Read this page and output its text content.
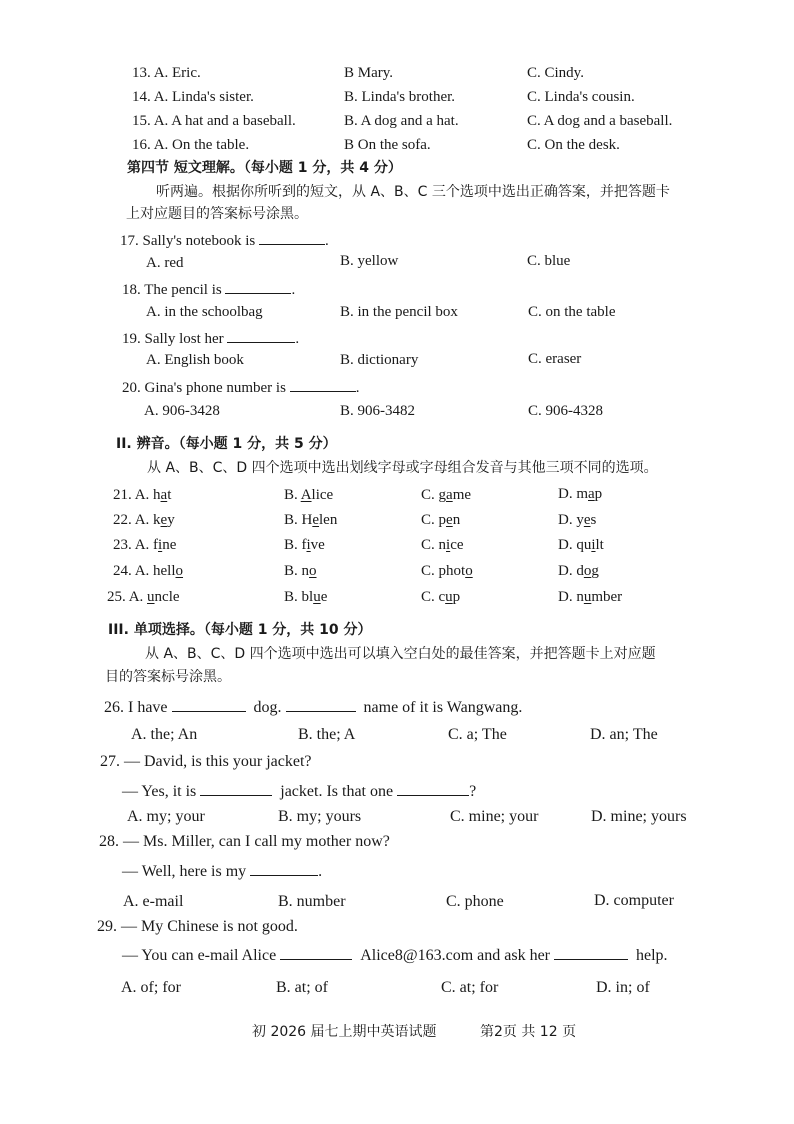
13. A. Eric.	B Mary.	C. Cindy.
14. A. Linda's sister.	B. Linda's brother.	C. Linda's cousin.
15. A. A hat and a baseball.	B. A dog and a hat.	C. A dog and a baseball.
16. A. On the table.	B On the sofa.	C. On the desk.
第四节 短文理解。（每小题 1 分，共 4 分）
听两遍。根据你所听到的短文，从 A、B、C 三个选项中选出正确答案，并把答题卡
上对应题目的答案标号涂黑。
17. Sally's notebook is	.
A. red	B. yellow	C. blue
18. The pencil is	.
A. in the schoolbag	B. in the pencil box	C. on the table
19. Sally lost her	.
A. English book	B. dictionary	C. eraser
20. Gina's phone number is	.
A. 906-3428	B. 906-3482	C. 906-4328
II. 辨音。（每小题 1 分，共 5 分）
从 A、B、C、D 四个选项中选出划线字母或字母组合发音与其他三项不同的选项。
21. A. hat	B. Alice	C. game	D. map
22. A. key	B. Helen	C. pen	D. yes
23. A. fine	B. five	C. nice	D. quilt
24. A. hello	B. no	C. photo	D. dog
25. A. uncle	B. blue	C. cup	D. number
III. 单项选择。（每小题 1 分，共 10 分）
从 A、B、C、D 四个选项中选出可以填入空白处的最佳答案，并把答题卡上对应题
目的答案标号涂黑。
26. I have	dog.	name of it is Wangwang.
A. the; An	B. the; A	C. a; The	D. an; The
27. — David, is this your jacket?
— Yes, it is	jacket. Is that one	?
A. my; your	B. my; yours	C. mine; your	D. mine; yours
28. — Ms. Miller, can I call my mother now?
— Well, here is my	.
A. e-mail	B. number	C. phone	D. computer
29. — My Chinese is not good.
— You can e-mail Alice	Alice8@163.com and ask her	help.
A. of; for	B. at; of	C. at; for	D. in; of
初 2026 届七上期中英语试题	第2页 共 12 页
